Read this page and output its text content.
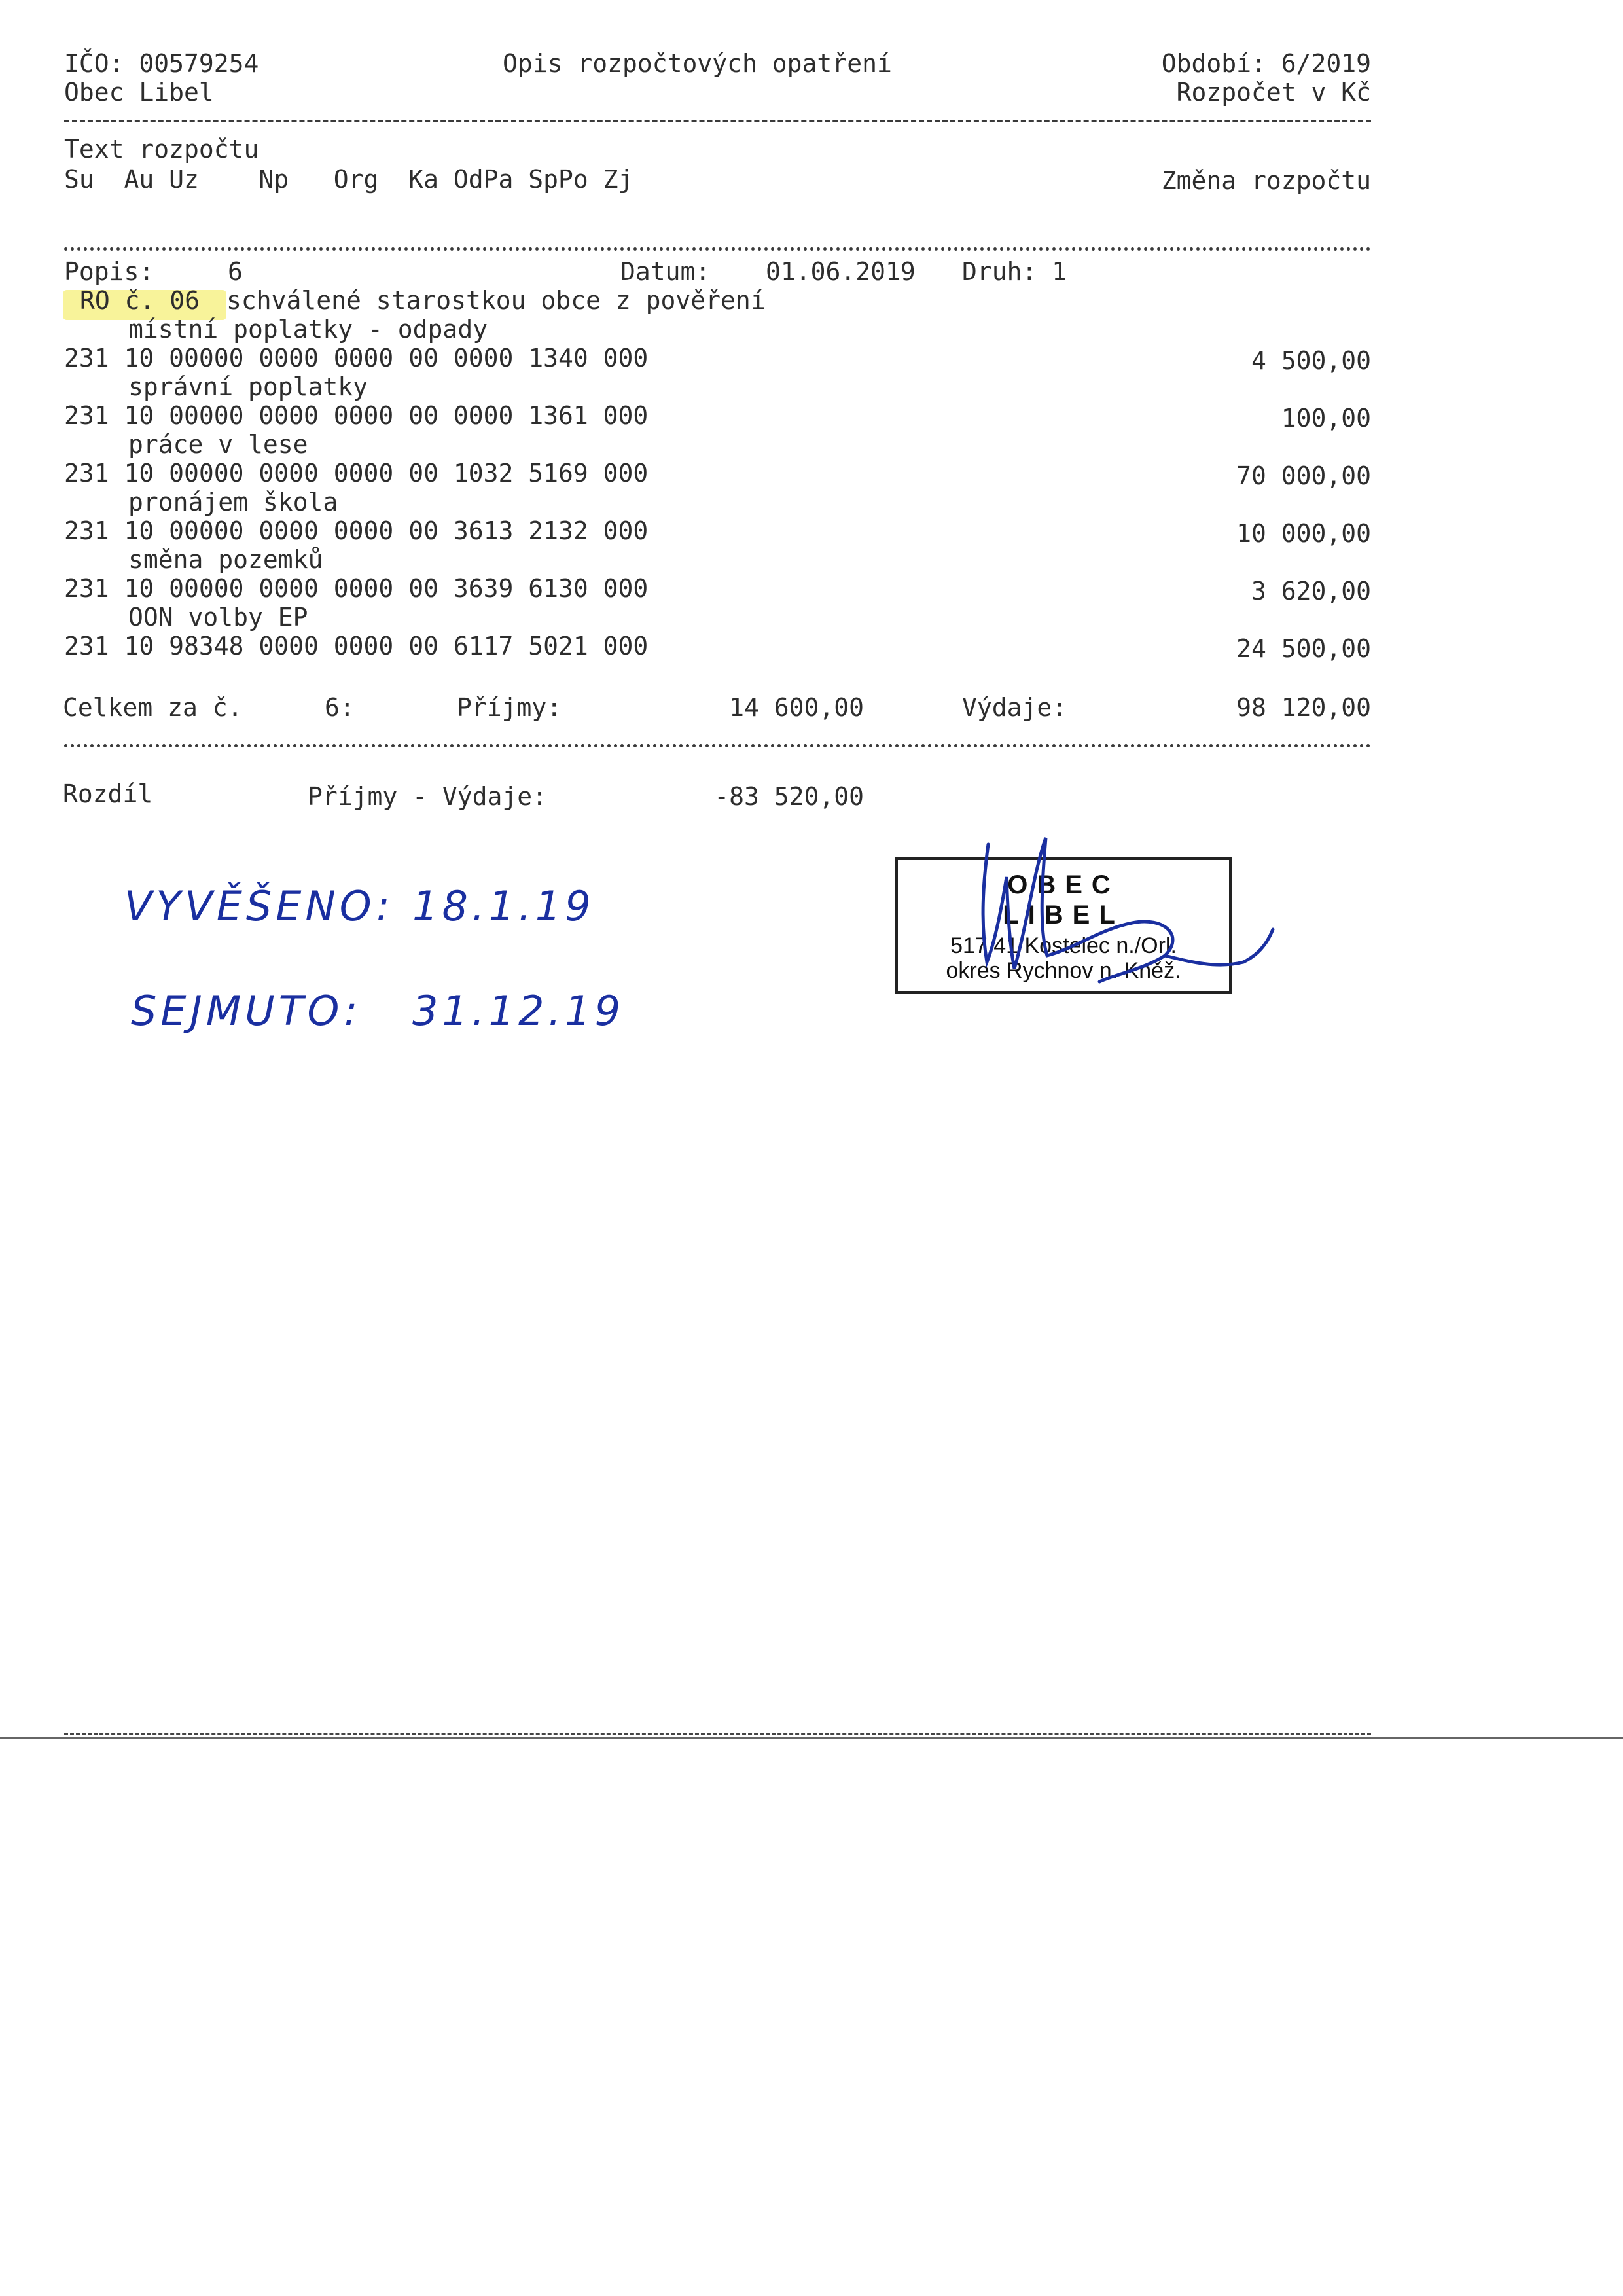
IČO: 00579254	Opis rozpočtových opatření	Období: 6/2019
Obec Libel	Rozpočet v Kč
Text rozpočtu
Su  Au Uz    Np   Org  Ka OdPa SpPo Zj	Změna rozpočtu
Popis:	6	Datum: 01.06.2019 Druh: 1
RO č. 06 schválené starostkou obce z pověření
místní poplatky - odpady
231 10 00000 0000 0000 00 0000 1340 000	4 500,00
správní poplatky
231 10 00000 0000 0000 00 0000 1361 000	100,00
práce v lese
231 10 00000 0000 0000 00 1032 5169 000	70 000,00
pronájem škola
231 10 00000 0000 0000 00 3613 2132 000	10 000,00
směna pozemků
231 10 00000 0000 0000 00 3639 6130 000	3 620,00
OON volby EP
231 10 98348 0000 0000 00 6117 5021 000	24 500,00
Celkem za č.	6:	Příjmy:	14 600,00	Výdaje:	98 120,00
Rozdíl	Příjmy - Výdaje:	-83 520,00
VYVĚŠENO: 18.1.19
SEJMUTO: 31.12.19
OBEC
LIBEL
517 41 Kostelec n./Orl.
okres Rychnov n. Kněž.
